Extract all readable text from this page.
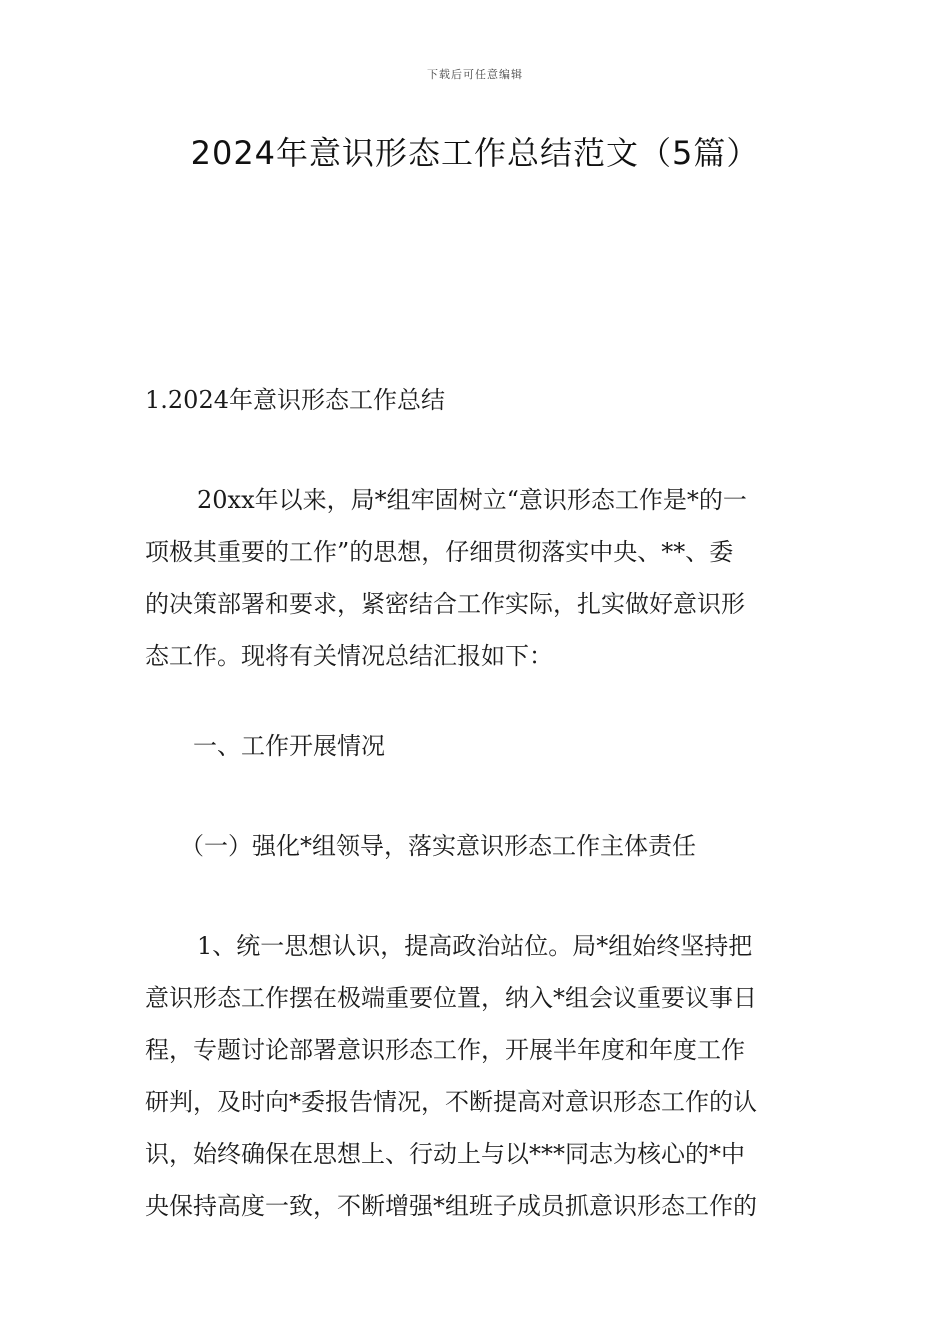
下载后可任意编辑
2024年意识形态工作总结范文（5篇）
1.2024年意识形态工作总结
20xx年以来，局*组牢固树立“意识形态工作是*的一
项极其重要的工作”的思想，仔细贯彻落实中央、**、委
的决策部署和要求，紧密结合工作实际，扎实做好意识形
态工作。现将有关情况总结汇报如下：
一、工作开展情况
（一）强化*组领导，落实意识形态工作主体责任
1、统一思想认识，提高政治站位。局*组始终坚持把
意识形态工作摆在极端重要位置，纳入*组会议重要议事日
程，专题讨论部署意识形态工作，开展半年度和年度工作
研判，及时向*委报告情况，不断提高对意识形态工作的认
识，始终确保在思想上、行动上与以***同志为核心的*中
央保持高度一致，不断增强*组班子成员抓意识形态工作的
